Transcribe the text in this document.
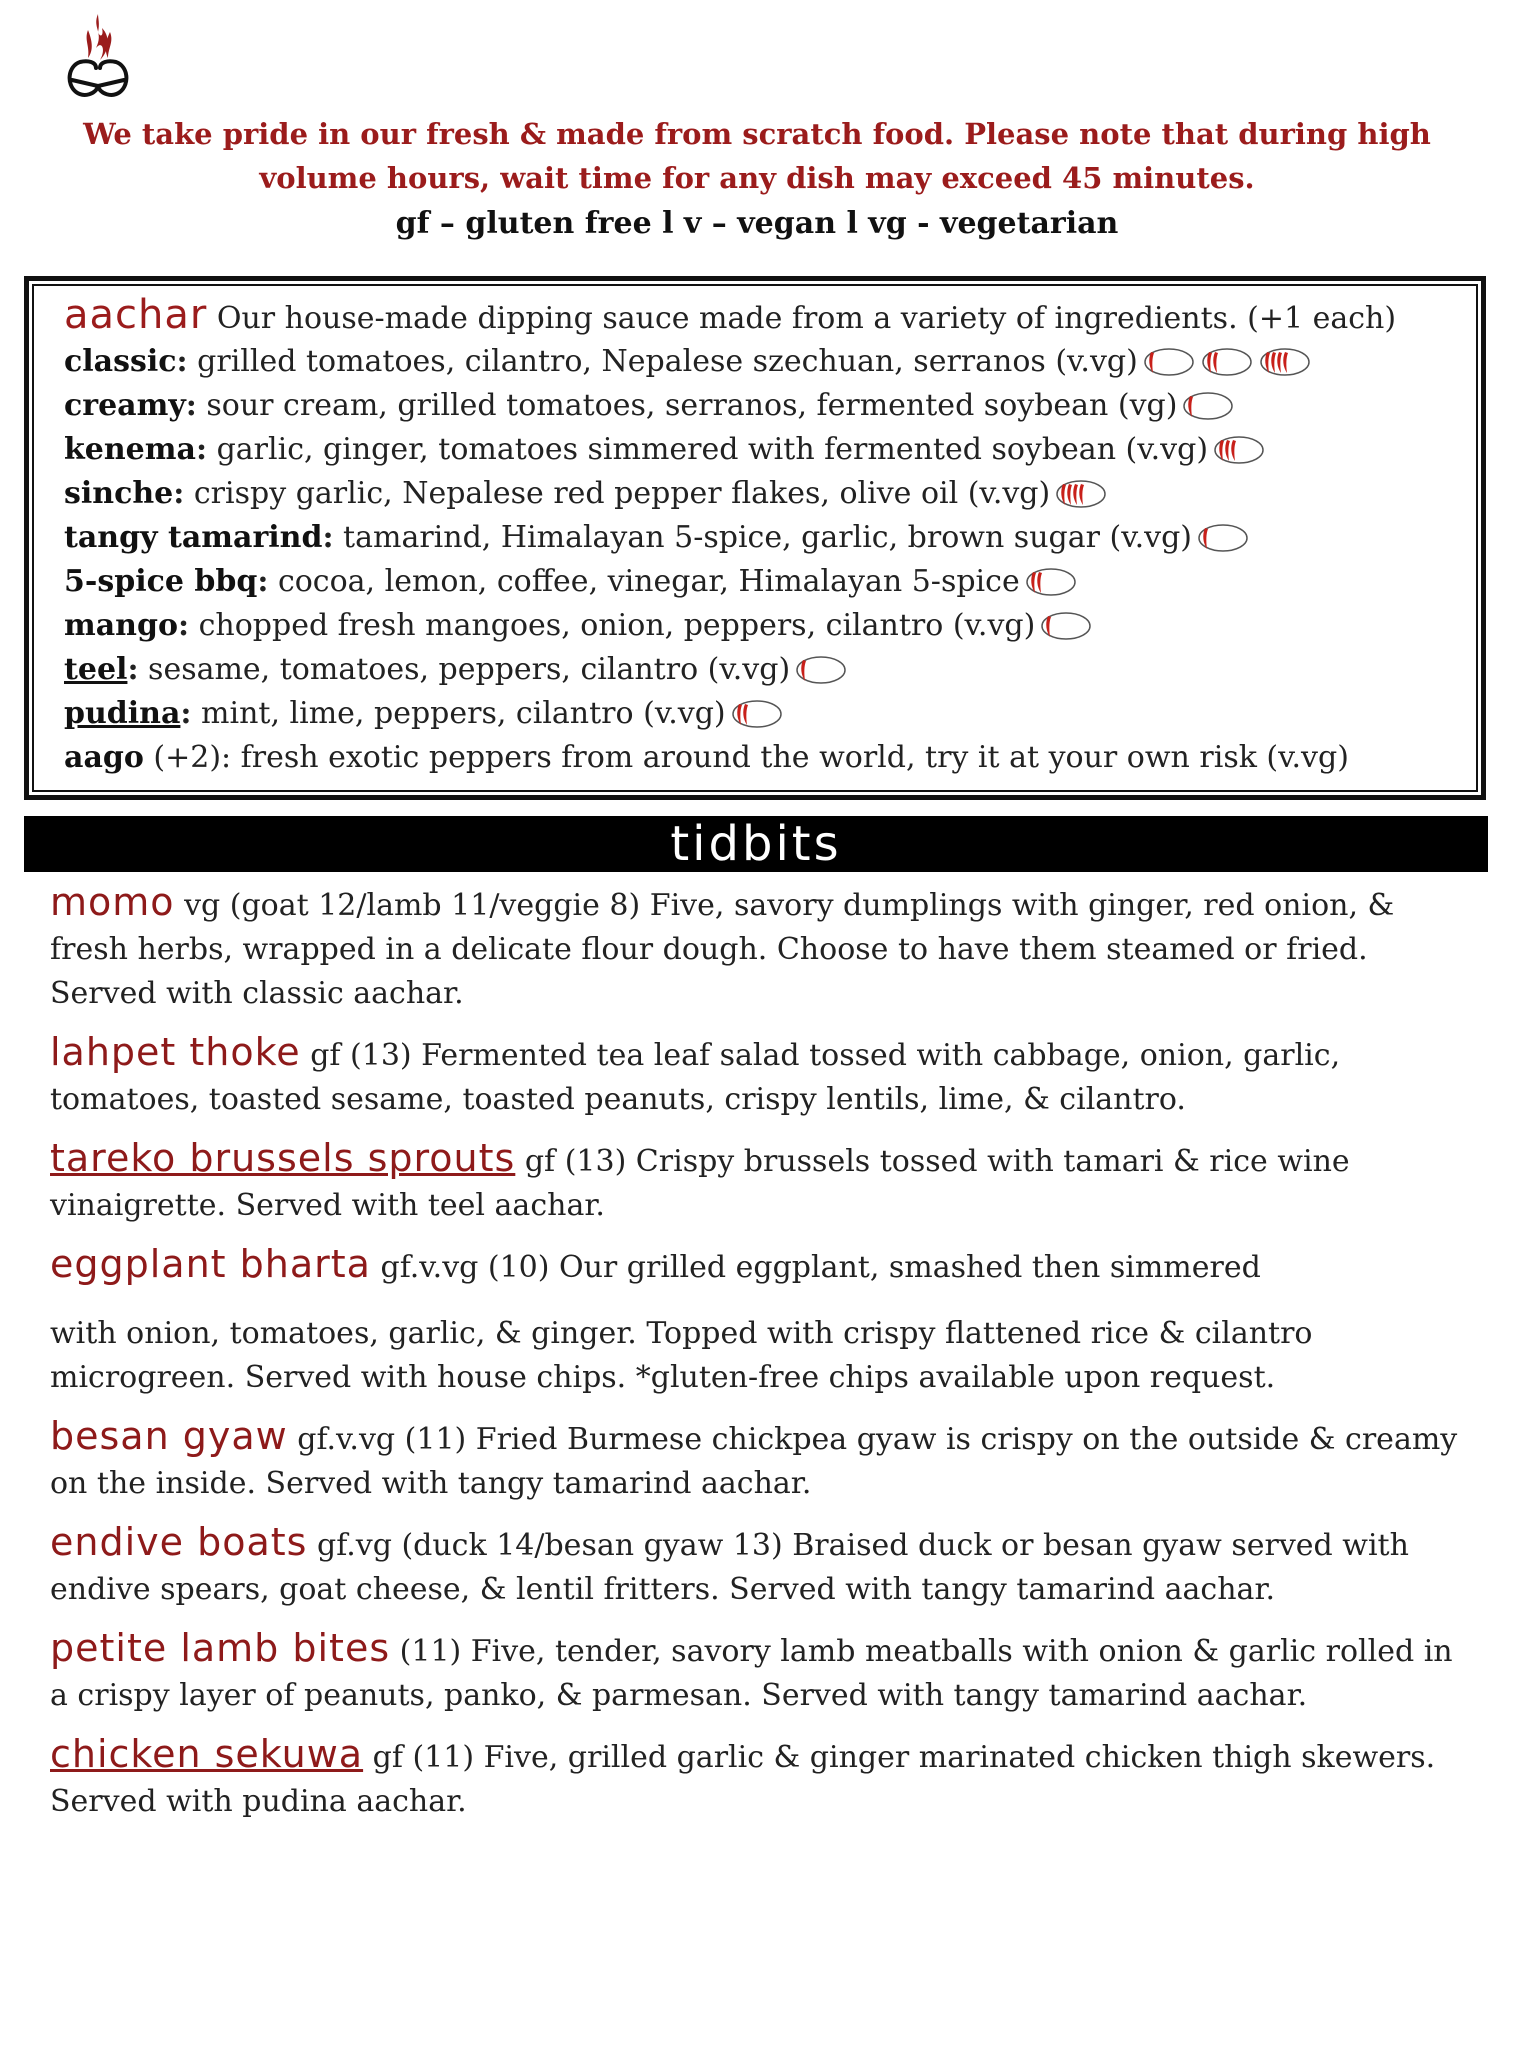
We take pride in our fresh & made from scratch food. Please note that during high
volume hours, wait time for any dish may exceed 45 minutes.
gf – gluten free l v – vegan l vg - vegetarian
aachar Our house-made dipping sauce made from a variety of ingredients. (+1 each)
classic : grilled tomatoes, cilantro, Nepalese szechuan, serranos (v.vg)
creamy : sour cream, grilled tomatoes, serranos, fermented soybean (vg)
kenema : garlic, ginger, tomatoes simmered with fermented soybean (v.vg)
sinche : crispy garlic, Nepalese red pepper flakes, olive oil (v.vg)
tangy tamarind : tamarind, Himalayan 5-spice, garlic, brown sugar (v.vg)
5-spice bbq : cocoa, lemon, coffee, vinegar, Himalayan 5-spice
mango : chopped fresh mangoes, onion, peppers, cilantro (v.vg)
teel : sesame, tomatoes, peppers, cilantro (v.vg)
pudina : mint, lime, peppers, cilantro (v.vg)
aago (+2): fresh exotic peppers from around the world, try it at your own risk (v.vg)
tidbits
momo vg (goat 12/lamb 11/veggie 8) Five, savory dumplings with ginger, red onion, & fresh herbs, wrapped in a delicate flour dough. Choose to have them steamed or fried. Served with classic aachar.
lahpet thoke gf (13) Fermented tea leaf salad tossed with cabbage, onion, garlic, tomatoes, toasted sesame, toasted peanuts, crispy lentils, lime, & cilantro.
tareko brussels sprouts gf (13) Crispy brussels tossed with tamari & rice wine vinaigrette. Served with teel aachar.
eggplant bharta gf.v.vg (10) Our grilled eggplant, smashed then simmered
with onion, tomatoes, garlic, & ginger. Topped with crispy flattened rice & cilantro microgreen. Served with house chips. *gluten-free chips available upon request.
besan gyaw gf.v.vg (11) Fried Burmese chickpea gyaw is crispy on the outside & creamy on the inside. Served with tangy tamarind aachar.
endive boats gf.vg (duck 14/besan gyaw 13) Braised duck or besan gyaw served with endive spears, goat cheese, & lentil fritters. Served with tangy tamarind aachar.
petite lamb bites (11) Five, tender, savory lamb meatballs with onion & garlic rolled in a crispy layer of peanuts, panko, & parmesan. Served with tangy tamarind aachar.
chicken sekuwa gf (11) Five, grilled garlic & ginger marinated chicken thigh skewers. Served with pudina aachar.
